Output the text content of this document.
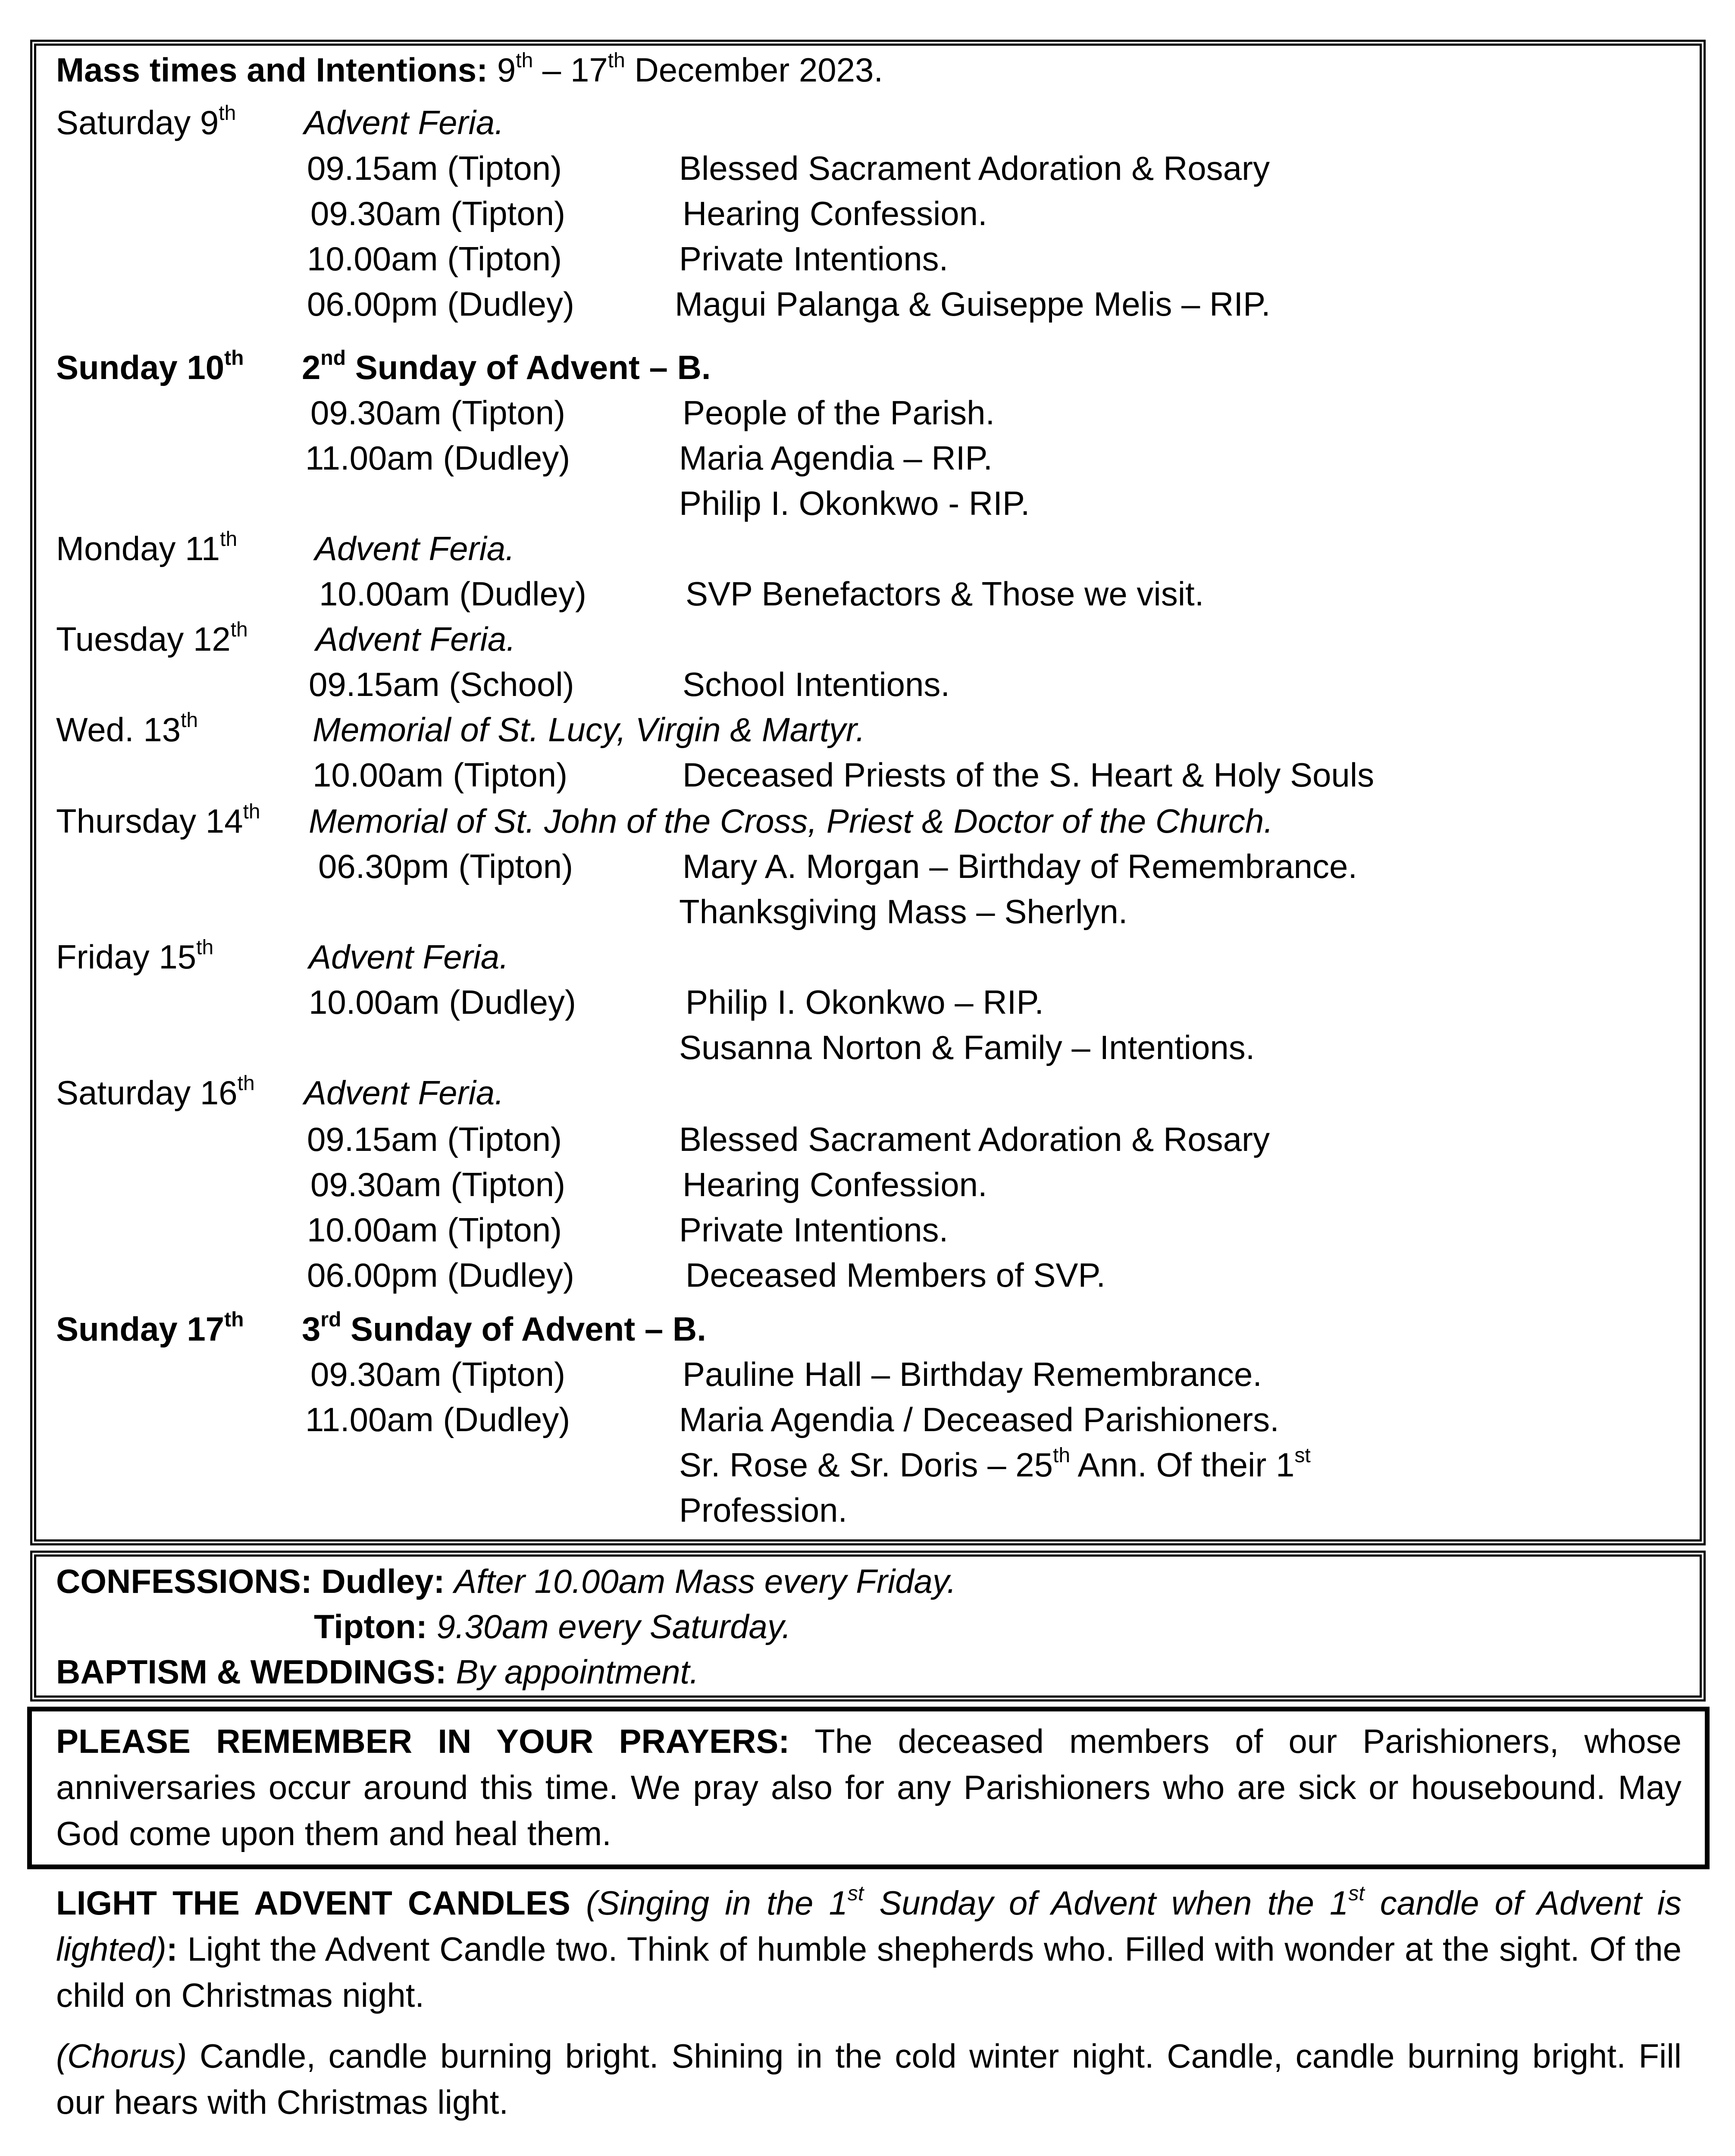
Mass times and Intentions: 9th – 17th December 2023.
Saturday 9th Advent Feria.
09.15am (Tipton)	Blessed Sacrament Adoration & Rosary
09.30am (Tipton)	Hearing Confession.
10.00am (Tipton)	Private Intentions.
06.00pm (Dudley)	Magui Palanga & Guiseppe Melis – RIP.
Sunday 10th 2nd Sunday of Advent – B.
09.30am (Tipton)	People of the Parish.
11.00am (Dudley)	Maria Agendia – RIP.
Philip I. Okonkwo - RIP.
Monday 11th Advent Feria.
10.00am (Dudley)	SVP Benefactors & Those we visit.
Tuesday 12th Advent Feria.
09.15am (School)	School Intentions.
Wed. 13th	Memorial of St. Lucy, Virgin & Martyr.
10.00am (Tipton)	Deceased Priests of the S. Heart & Holy Souls
Thursday 14th Memorial of St. John of the Cross, Priest & Doctor of the Church.
06.30pm (Tipton)	Mary A. Morgan – Birthday of Remembrance.
Thanksgiving Mass – Sherlyn.
Friday 15th	Advent Feria.
10.00am (Dudley)	Philip I. Okonkwo – RIP.
Susanna Norton & Family – Intentions.
Saturday 16th Advent Feria.
09.15am (Tipton)	Blessed Sacrament Adoration & Rosary
09.30am (Tipton)	Hearing Confession.
10.00am (Tipton)	Private Intentions.
06.00pm (Dudley)	Deceased Members of SVP.
Sunday 17th 3rd Sunday of Advent – B.
09.30am (Tipton)	Pauline Hall – Birthday Remembrance.
11.00am (Dudley)	Maria Agendia / Deceased Parishioners.
Sr. Rose & Sr. Doris – 25th Ann. Of their 1st
Profession.
CONFESSIONS: Dudley: After 10.00am Mass every Friday.
Tipton: 9.30am every Saturday.
BAPTISM & WEDDINGS: By appointment.
PLEASE REMEMBER IN YOUR PRAYERS: The deceased members of our Parishioners, whose anniversaries occur around this time. We pray also for any Parishioners who are sick or housebound. May God come upon them and heal them.
LIGHT THE ADVENT CANDLES (Singing in the 1st Sunday of Advent when the 1st candle of Advent is lighted): Light the Advent Candle two. Think of humble shepherds who. Filled with wonder at the sight. Of the child on Christmas night.
(Chorus) Candle, candle burning bright. Shining in the cold winter night. Candle, candle burning bright. Fill our hears with Christmas light.
